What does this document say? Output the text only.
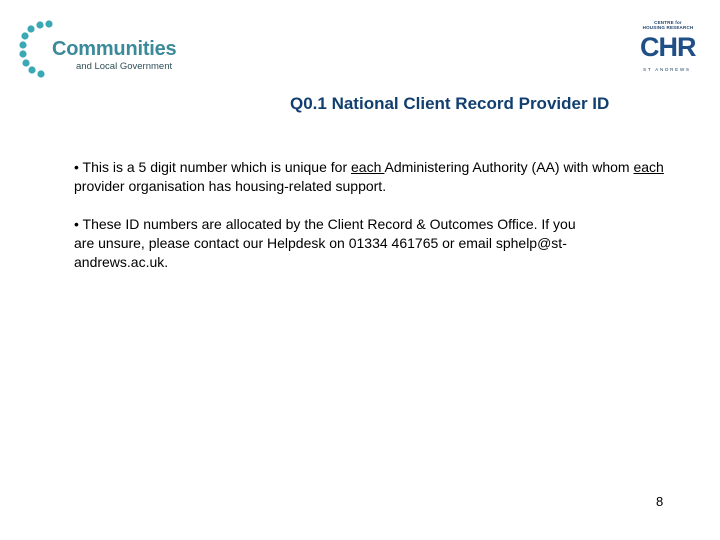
Communities
and Local Government
CENTRE for
HOUSING RESEARCH
CHR
ST ANDREWS
Q0.1 National Client Record Provider ID
• This is a 5 digit number which is unique for each Administering Authority (AA) with whom each provider organisation has housing-related support.
• These ID numbers are allocated by the Client Record & Outcomes Office. If you
are unsure, please contact our Helpdesk on 01334 461765 or email sphelp@st-
andrews.ac.uk.
8
